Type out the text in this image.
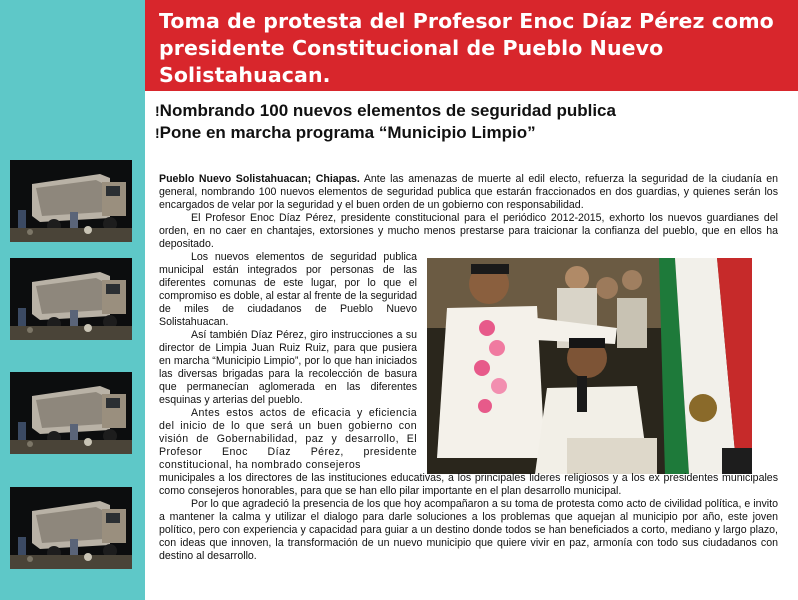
Toma de protesta del Profesor Enoc Díaz Pérez como presidente Constitucional de Pueblo Nuevo Solistahuacan.
!Nombrando 100 nuevos elementos de seguridad publica
!Pone en marcha programa “Municipio Limpio”

Pueblo Nuevo Solistahuacan; Chiapas. Ante las amenazas de muerte al edil electo, refuerza la seguridad de la ciudanía en general, nombrando 100 nuevos elementos de seguridad publica que estarán fraccionados en dos guardias, y quienes serán los encargados de velar por la seguridad y el buen orden de un gobierno con responsabilidad.

El Profesor Enoc Díaz Pérez, presidente constitucional para el periódico 2012-2015, exhorto los nuevos guardianes del orden, en no caer en chantajes, extorsiones y mucho menos prestarse para traicionar la confianza del pueblo, que en ellos ha depositado.

Los nuevos elementos de seguridad publica municipal están integrados por personas de las diferentes comunas de este lugar, por lo que el compromiso es doble, al estar al frente de la seguridad de miles de ciudadanos de Pueblo Nuevo Solistahuacan.

Así también Díaz Pérez, giro instrucciones a su director de Limpia Juan Ruiz Ruiz, para que pusiera en marcha “Municipio Limpio”, por lo que han iniciados las diversas brigadas para la recolección de basura que permanecían aglomerada en las diferentes esquinas y arterias del pueblo.

Antes estos actos de eficacia y eficiencia del inicio de lo que será un buen gobierno con visión de Gobernabilidad, paz y desarrollo, El Profesor Enoc Díaz Pérez, presidente constitucional, ha nombrado consejeros

municipales a los directores de las instituciones educativas, a los principales lideres religiosos y a los ex presidentes municipales como consejeros honorables, para que se han ello pilar importante en el plan desarrollo municipal.

Por lo que agradeció la presencia de los que hoy acompañaron a su toma de protesta como acto de civilidad política, e invito a mantener la calma y utilizar el dialogo para darle soluciones a los problemas que aquejan al municipio por año, este joven político, pero con experiencia y capacidad para guiar a un destino donde todos se han beneficiados a corto, mediano y largo plazo, con ideas que innoven, la transformación de un nuevo municipio que quiere vivir en paz, armonía con todo sus ciudadanos con destino al desarrollo.
